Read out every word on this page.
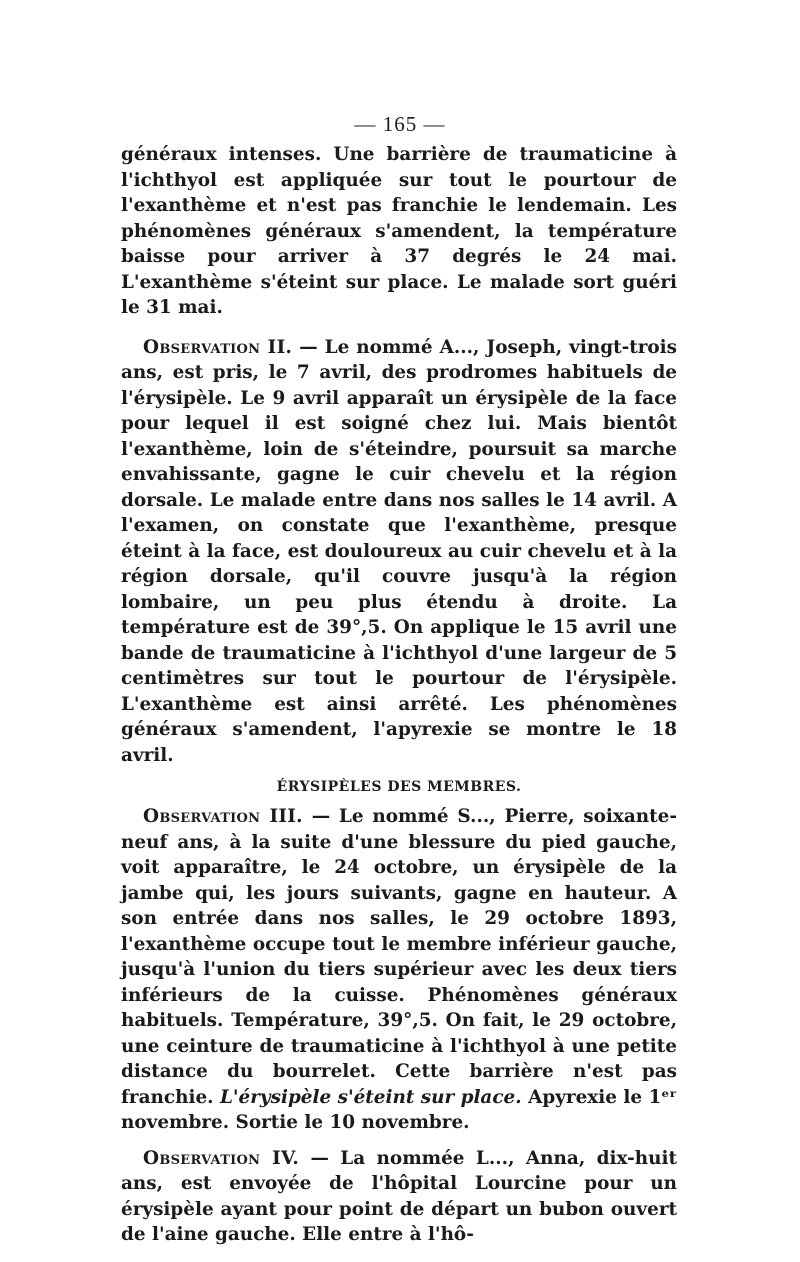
— 165 —

généraux intenses. Une barrière de traumaticine à l'ichthyol est appliquée sur tout le pourtour de l'exanthème et n'est pas franchie le lendemain. Les phénomènes généraux s'amendent, la température baisse pour arriver à 37 degrés le 24 mai. L'exanthème s'éteint sur place. Le malade sort guéri le 31 mai.

Observation II. — Le nommé A..., Joseph, vingt-trois ans, est pris, le 7 avril, des prodromes habituels de l'érysipèle. Le 9 avril apparaît un érysipèle de la face pour lequel il est soigné chez lui. Mais bientôt l'exanthème, loin de s'éteindre, poursuit sa marche envahissante, gagne le cuir chevelu et la région dorsale. Le malade entre dans nos salles le 14 avril. A l'examen, on constate que l'exanthème, presque éteint à la face, est douloureux au cuir chevelu et à la région dorsale, qu'il couvre jusqu'à la région lombaire, un peu plus étendu à droite. La température est de 39°,5. On applique le 15 avril une bande de traumaticine à l'ichthyol d'une largeur de 5 centimètres sur tout le pourtour de l'érysipèle. L'exanthème est ainsi arrêté. Les phénomènes généraux s'amendent, l'apyrexie se montre le 18 avril.

ÉRYSIPÈLES DES MEMBRES.

Observation III. — Le nommé S..., Pierre, soixante-neuf ans, à la suite d'une blessure du pied gauche, voit apparaître, le 24 octobre, un érysipèle de la jambe qui, les jours suivants, gagne en hauteur. A son entrée dans nos salles, le 29 octobre 1893, l'exanthème occupe tout le membre inférieur gauche, jusqu'à l'union du tiers supérieur avec les deux tiers inférieurs de la cuisse. Phénomènes généraux habituels. Température, 39°,5. On fait, le 29 octobre, une ceinture de traumaticine à l'ichthyol à une petite distance du bourrelet. Cette barrière n'est pas franchie. L'érysipèle s'éteint sur place. Apyrexie le 1ᵉʳ novembre. Sortie le 10 novembre.

Observation IV. — La nommée L..., Anna, dix-huit ans, est envoyée de l'hôpital Lourcine pour un érysipèle ayant pour point de départ un bubon ouvert de l'aine gauche. Elle entre à l'hô-
